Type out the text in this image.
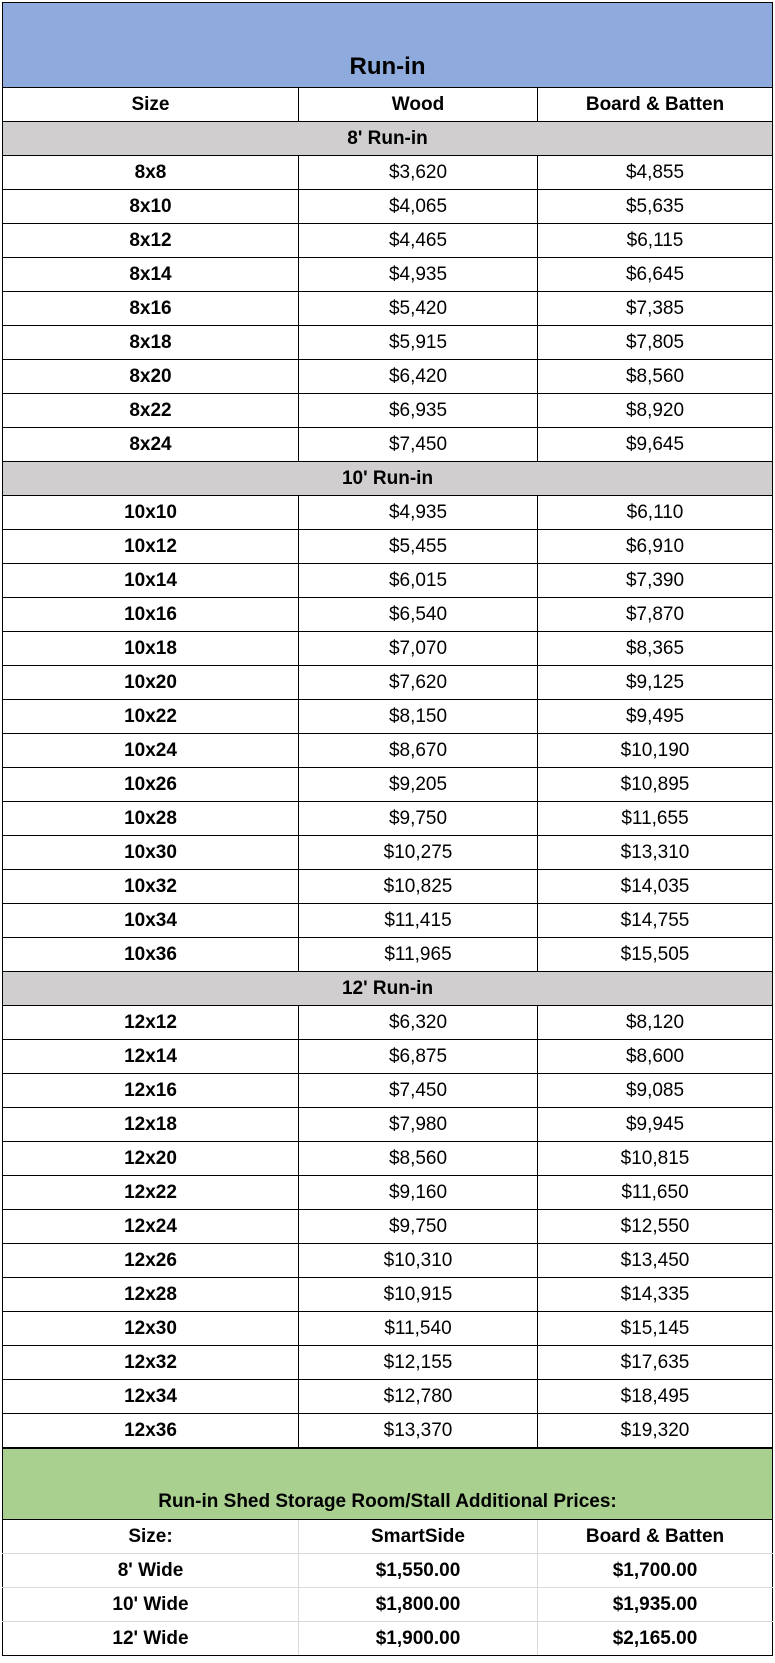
Run-in		
Size	Wood	Board & Batten
8' Run-in		
8x8	$3,620	$4,855
8x10	$4,065	$5,635
8x12	$4,465	$6,115
8x14	$4,935	$6,645
8x16	$5,420	$7,385
8x18	$5,915	$7,805
8x20	$6,420	$8,560
8x22	$6,935	$8,920
8x24	$7,450	$9,645
10' Run-in		
10x10	$4,935	$6,110
10x12	$5,455	$6,910
10x14	$6,015	$7,390
10x16	$6,540	$7,870
10x18	$7,070	$8,365
10x20	$7,620	$9,125
10x22	$8,150	$9,495
10x24	$8,670	$10,190
10x26	$9,205	$10,895
10x28	$9,750	$11,655
10x30	$10,275	$13,310
10x32	$10,825	$14,035
10x34	$11,415	$14,755
10x36	$11,965	$15,505
12' Run-in		
12x12	$6,320	$8,120
12x14	$6,875	$8,600
12x16	$7,450	$9,085
12x18	$7,980	$9,945
12x20	$8,560	$10,815
12x22	$9,160	$11,650
12x24	$9,750	$12,550
12x26	$10,310	$13,450
12x28	$10,915	$14,335
12x30	$11,540	$15,145
12x32	$12,155	$17,635
12x34	$12,780	$18,495
12x36	$13,370	$19,320
Run-in Shed Storage Room/Stall Additional Prices:		
Size:	SmartSide	Board & Batten
8' Wide	$1,550.00	$1,700.00
10' Wide	$1,800.00	$1,935.00
12' Wide	$1,900.00	$2,165.00
